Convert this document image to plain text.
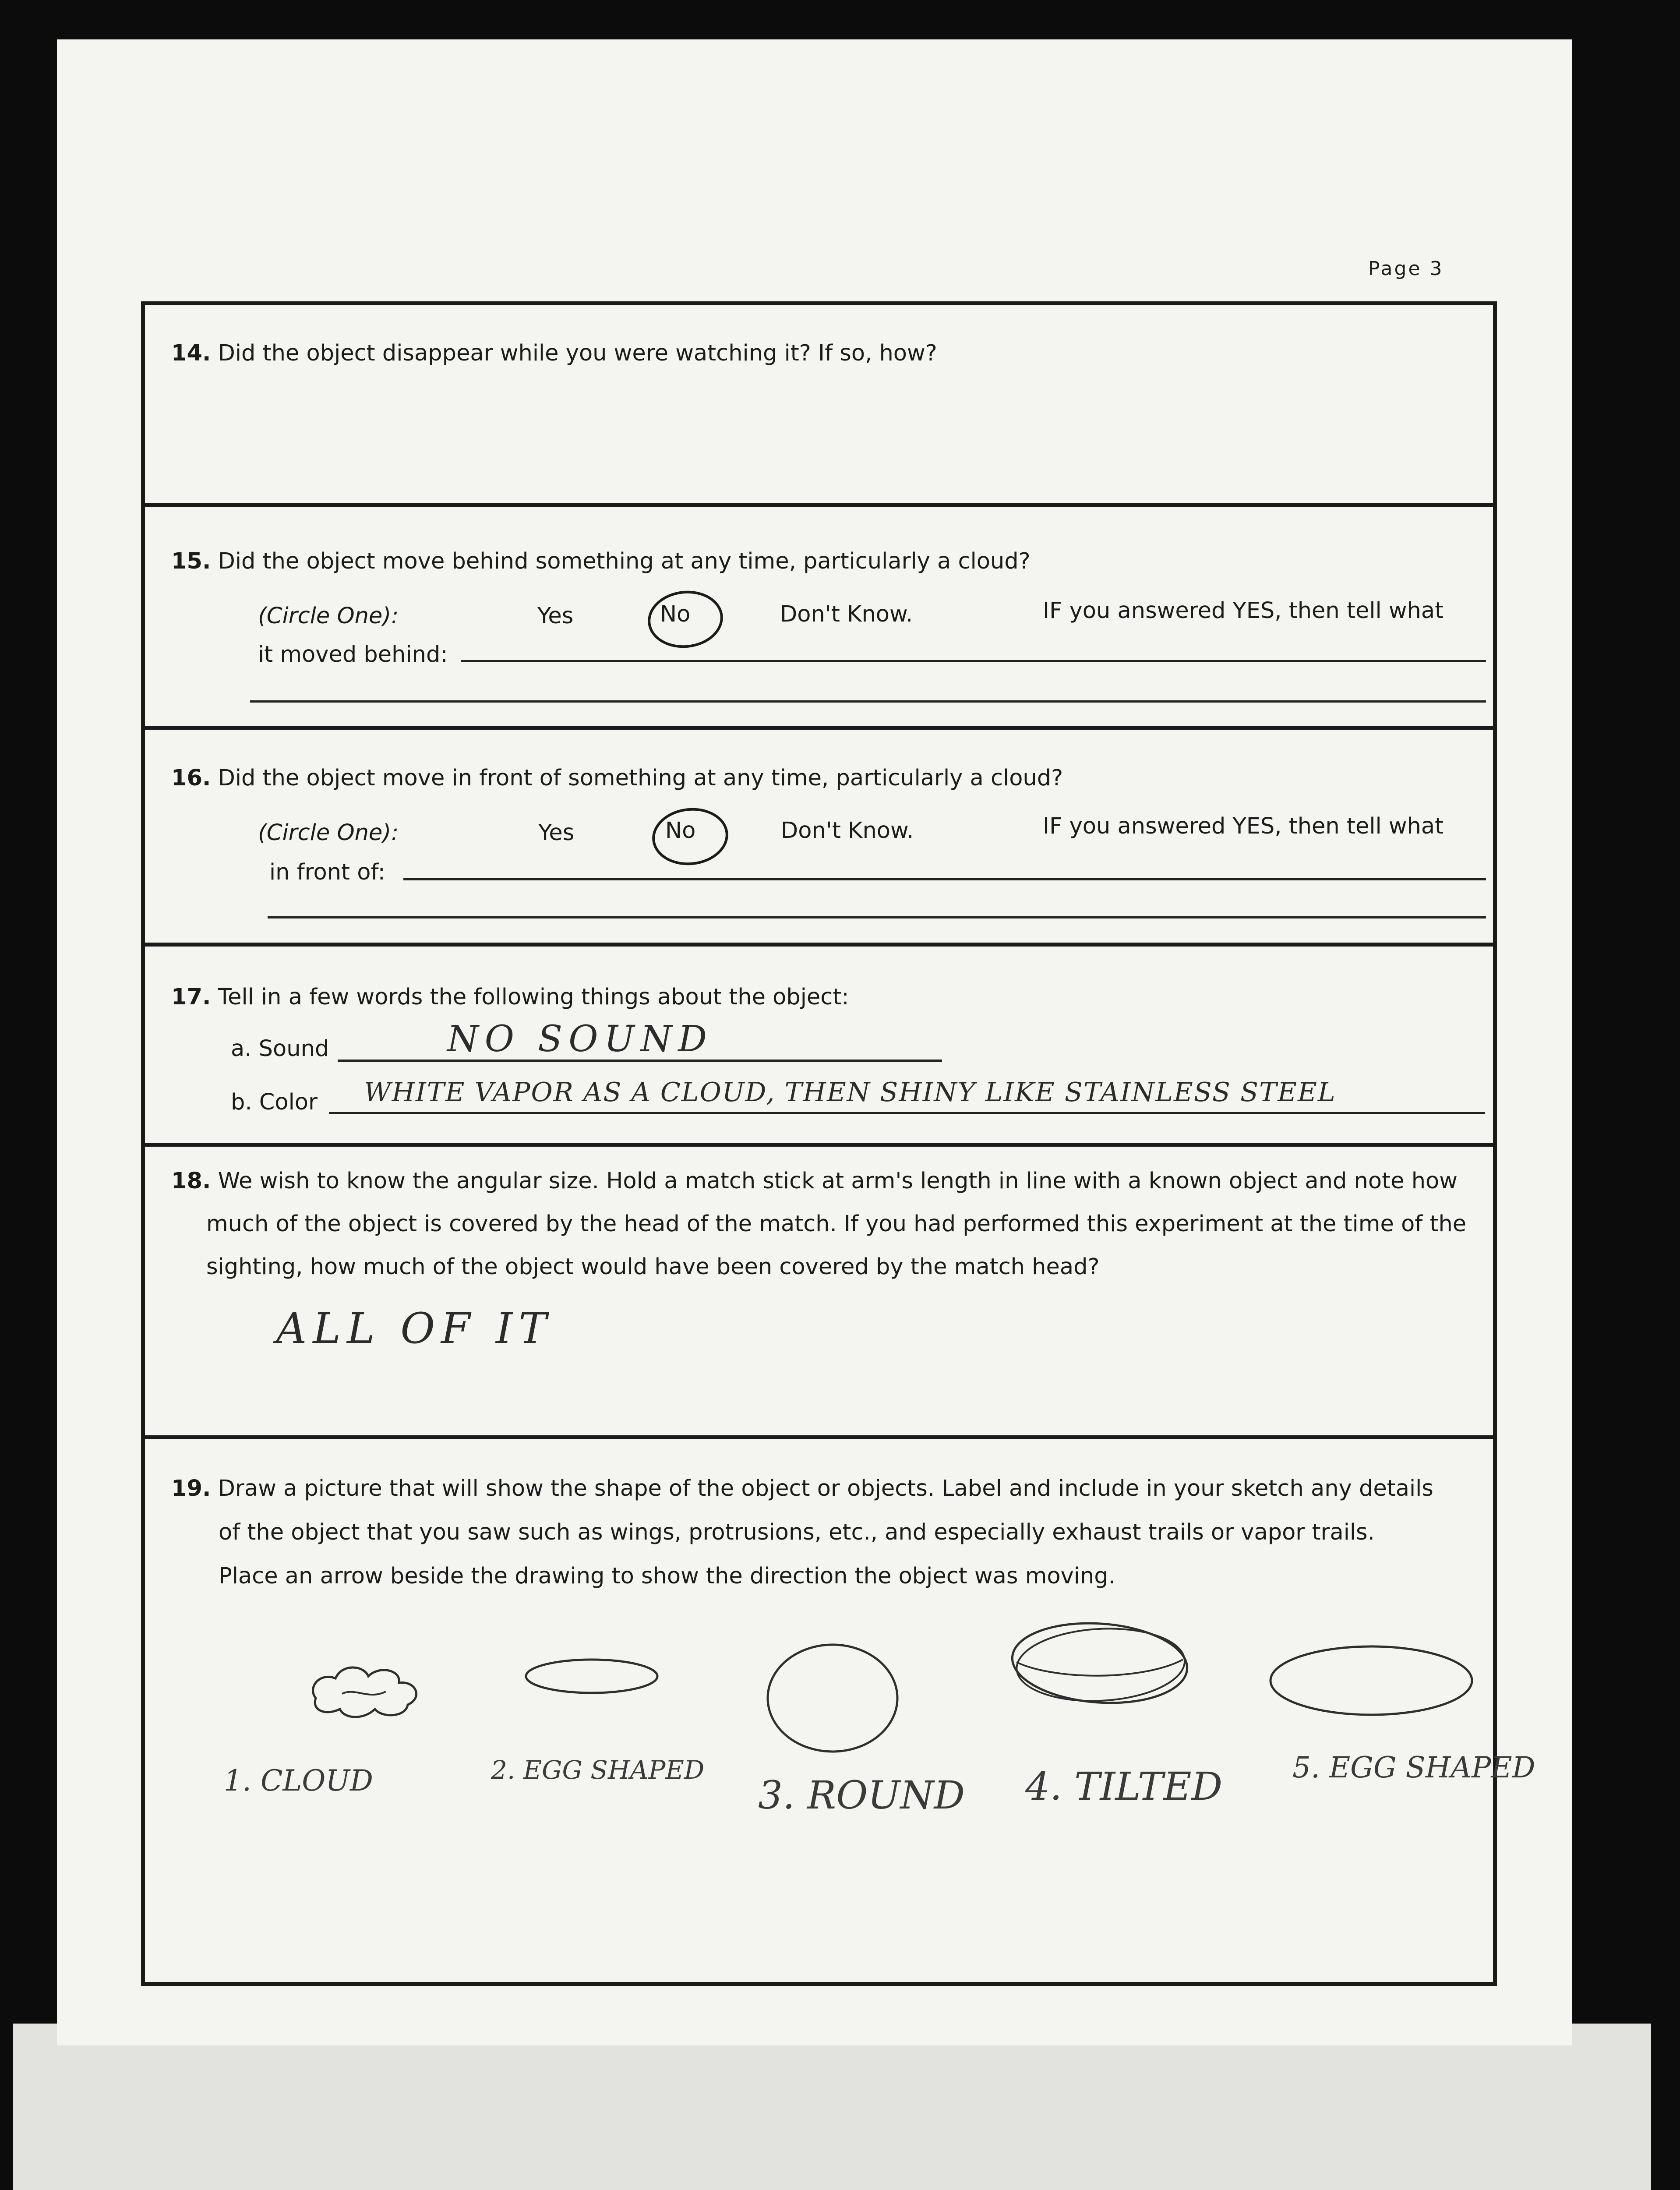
Page 3
14. Did the object disappear while you were watching it? If so, how?
15. Did the object move behind something at any time, particularly a cloud?
(Circle One):	Yes	No	Don't Know.	IF you answered YES, then tell what
it moved behind:
16. Did the object move in front of something at any time, particularly a cloud?
(Circle One):	Yes	No	Don't Know.	IF you answered YES, then tell what
in front of:
17. Tell in a few words the following things about the object:
a. Sound	NO SOUND
b. Color WHITE VAPOR AS A CLOUD, THEN SHINY LIKE STAINLESS STEEL
18. We wish to know the angular size. Hold a match stick at arm's length in line with a known object and note how
much of the object is covered by the head of the match. If you had performed this experiment at the time of the
sighting, how much of the object would have been covered by the match head?
ALL OF IT
19. Draw a picture that will show the shape of the object or objects. Label and include in your sketch any details
of the object that you saw such as wings, protrusions, etc., and especially exhaust trails or vapor trails.
Place an arrow beside the drawing to show the direction the object was moving.
1. CLOUD	2. EGG SHAPED
3. ROUND 4. TILTED 5. EGG SHAPED
